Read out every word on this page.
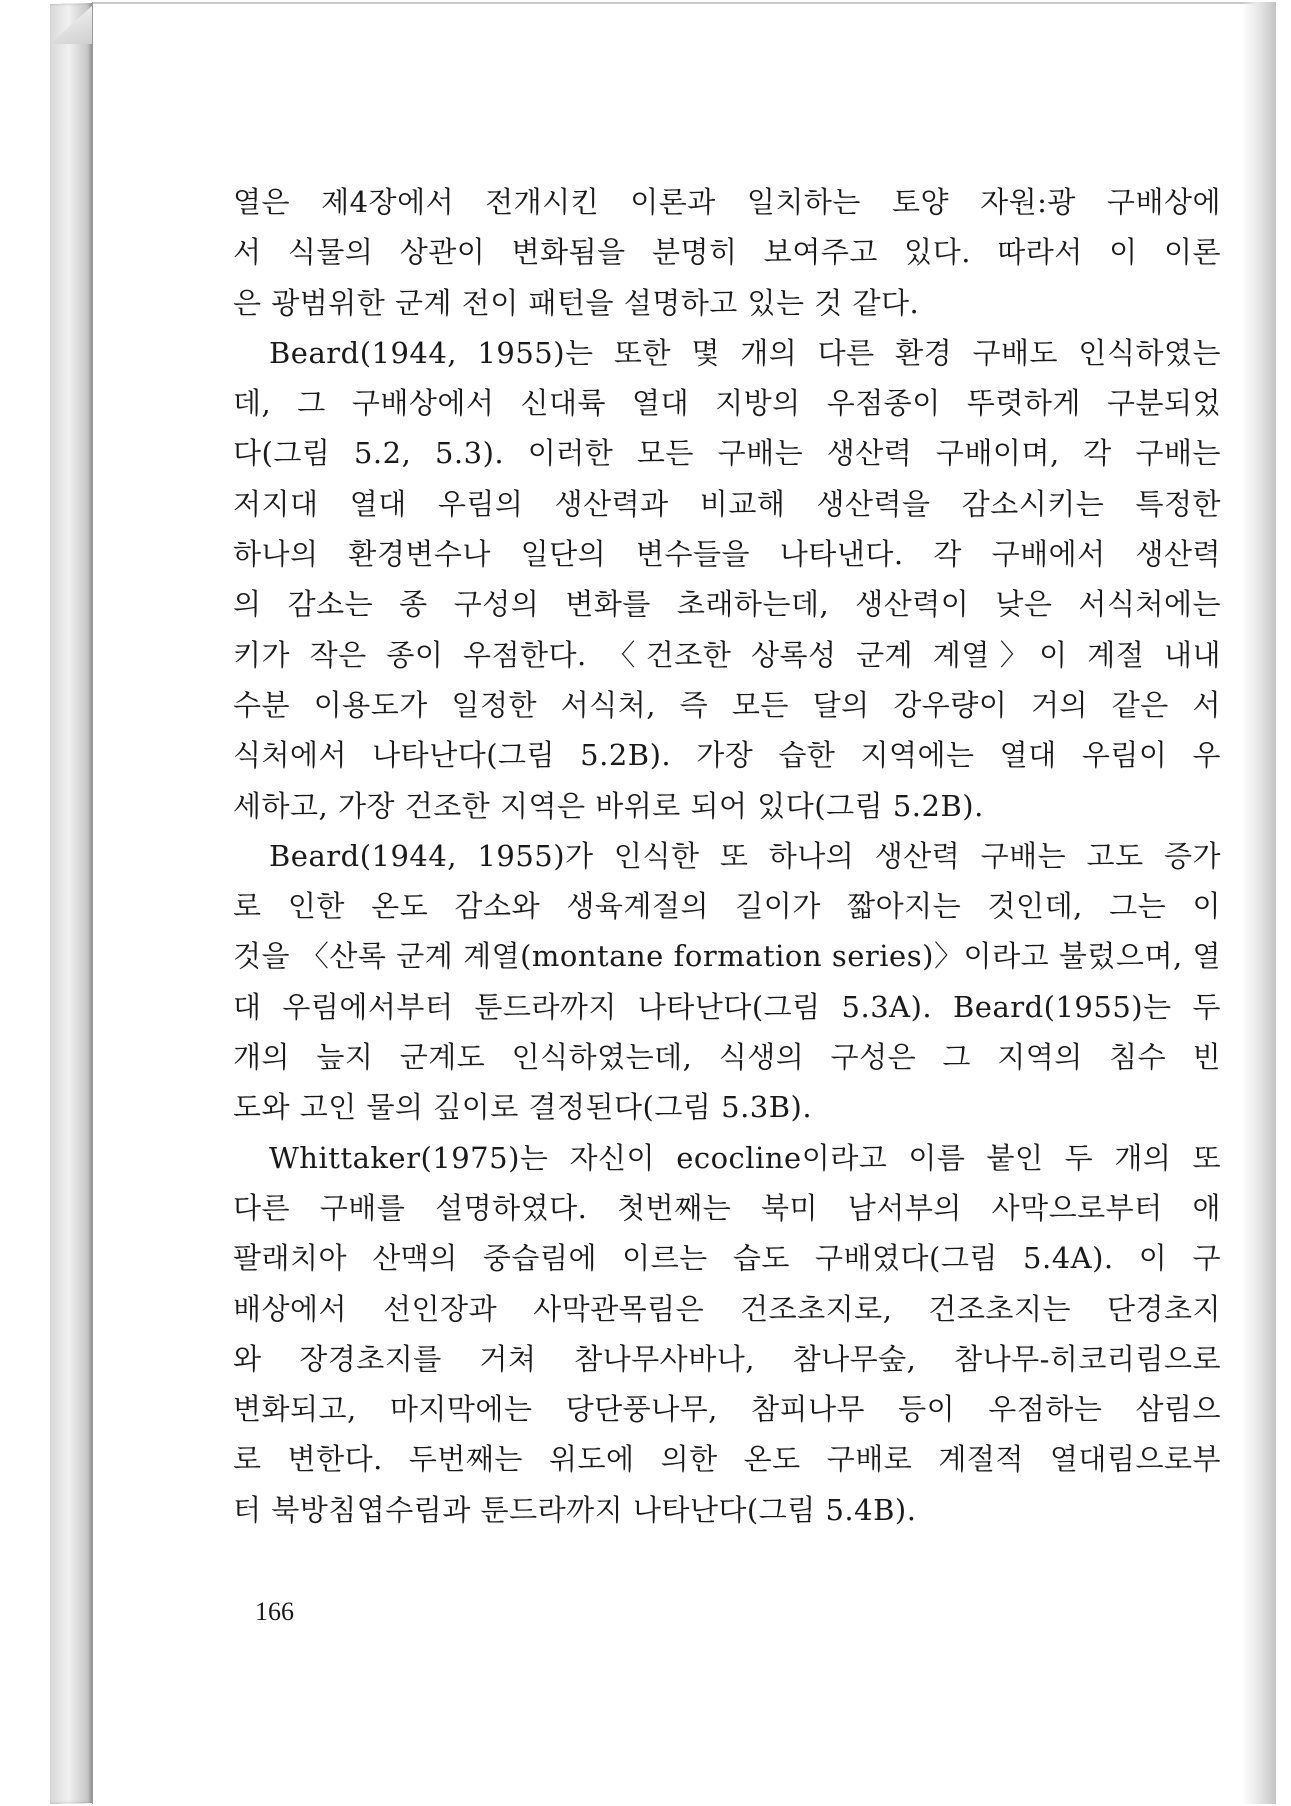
열은 제4장에서 전개시킨 이론과 일치하는 토양 자원:광 구배상에
서 식물의 상관이 변화됨을 분명히 보여주고 있다. 따라서 이 이론
은 광범위한 군계 전이 패턴을 설명하고 있는 것 같다.
Beard(1944, 1955)는 또한 몇 개의 다른 환경 구배도 인식하였는
데, 그 구배상에서 신대륙 열대 지방의 우점종이 뚜렷하게 구분되었
다(그림 5.2, 5.3). 이러한 모든 구배는 생산력 구배이며, 각 구배는
저지대 열대 우림의 생산력과 비교해 생산력을 감소시키는 특정한
하나의 환경변수나 일단의 변수들을 나타낸다. 각 구배에서 생산력
의 감소는 종 구성의 변화를 초래하는데, 생산력이 낮은 서식처에는
키가 작은 종이 우점한다. 〈건조한 상록성 군계 계열〉이 계절 내내
수분 이용도가 일정한 서식처, 즉 모든 달의 강우량이 거의 같은 서
식처에서 나타난다(그림 5.2B). 가장 습한 지역에는 열대 우림이 우
세하고, 가장 건조한 지역은 바위로 되어 있다(그림 5.2B).
Beard(1944, 1955)가 인식한 또 하나의 생산력 구배는 고도 증가
로 인한 온도 감소와 생육계절의 길이가 짧아지는 것인데, 그는 이
것을 〈산록 군계 계열(montane formation series)〉이라고 불렀으며, 열
대 우림에서부터 툰드라까지 나타난다(그림 5.3A). Beard(1955)는 두
개의 늪지 군계도 인식하였는데, 식생의 구성은 그 지역의 침수 빈
도와 고인 물의 깊이로 결정된다(그림 5.3B).
Whittaker(1975)는 자신이 ecocline이라고 이름 붙인 두 개의 또
다른 구배를 설명하였다. 첫번째는 북미 남서부의 사막으로부터 애
팔래치아 산맥의 중습림에 이르는 습도 구배였다(그림 5.4A). 이 구
배상에서 선인장과 사막관목림은 건조초지로, 건조초지는 단경초지
와 장경초지를 거쳐 참나무사바나, 참나무숲, 참나무-히코리림으로
변화되고, 마지막에는 당단풍나무, 참피나무 등이 우점하는 삼림으
로 변한다. 두번째는 위도에 의한 온도 구배로 계절적 열대림으로부
터 북방침엽수림과 툰드라까지 나타난다(그림 5.4B).
166
